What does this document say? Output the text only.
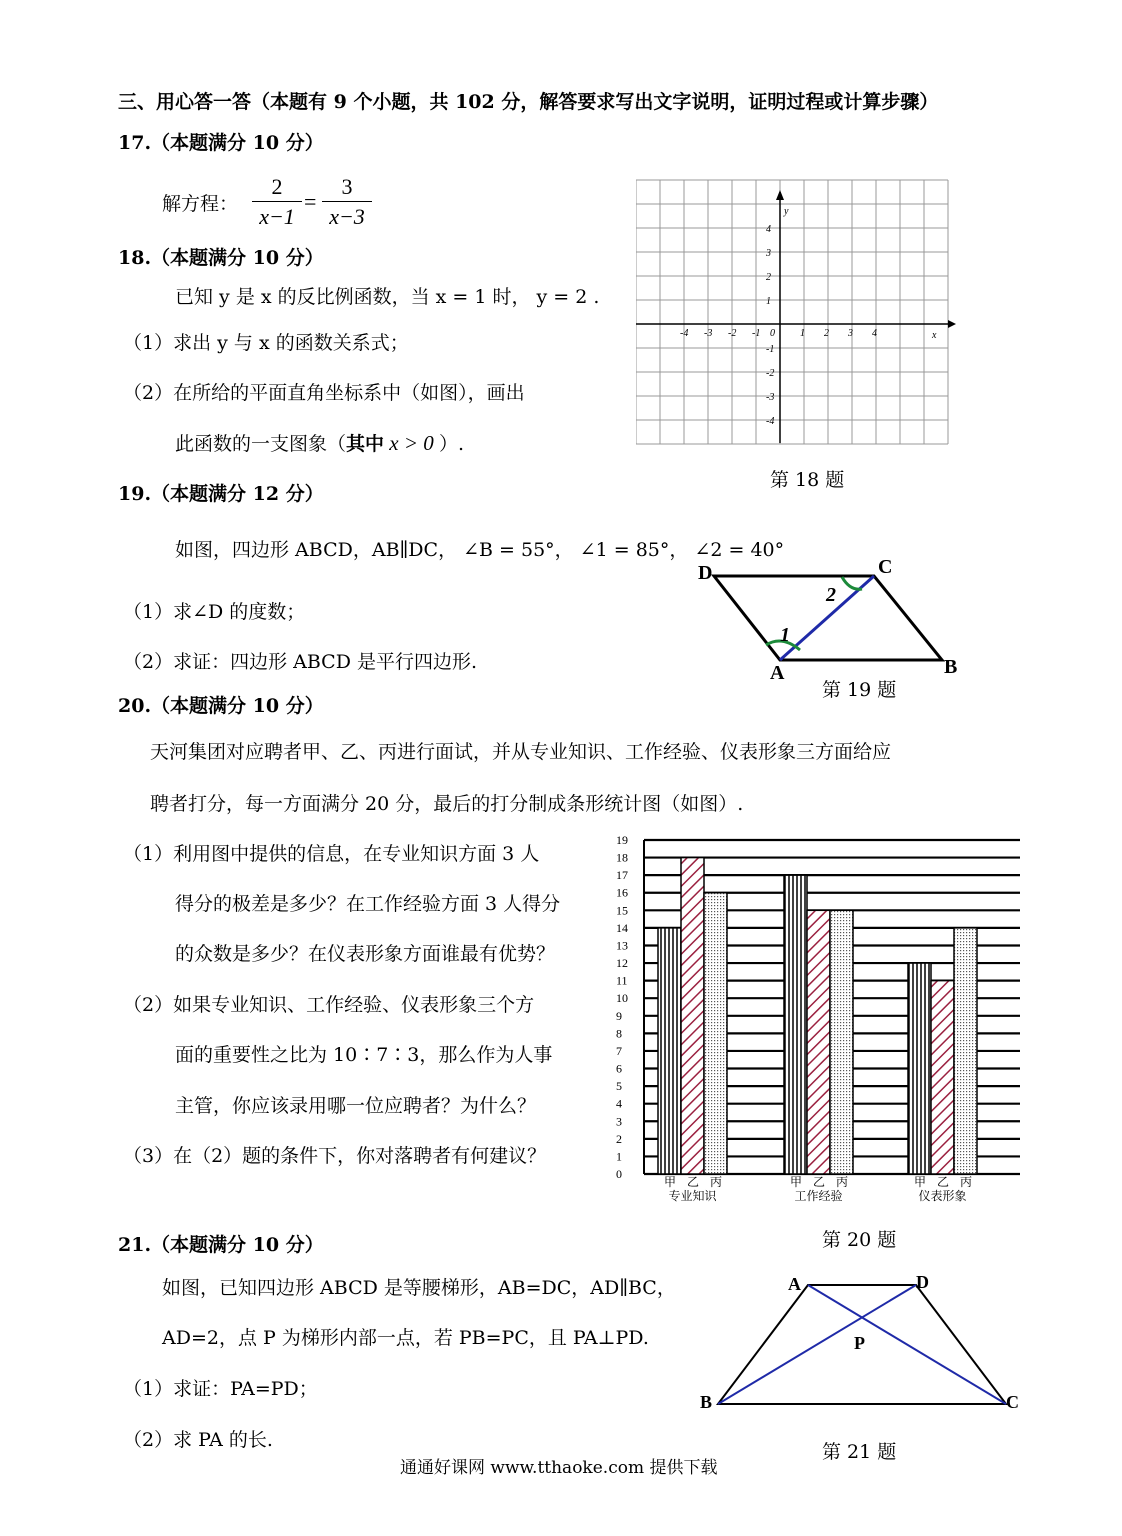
三、用心答一答（本题有 9 个小题，共 102 分，解答要求写出文字说明，证明过程或计算步骤）
17.（本题满分 10 分）
解方程： $\frac{2}{x-1} = \frac{3}{x-3}$
18.（本题满分 10 分）
已知 y 是 x 的反比例函数，当 x = 1 时， y = 2 .
（1）求出 y 与 x 的函数关系式；
（2）在所给的平面直角坐标系中（如图），画出
此函数的一支图象（其中 x > 0 ）.
x
y
0
-4 -3 -2 -1	1 2 3 4
4
3
2
1
-1
-2
-3
-4
第 18 题
19.（本题满分 12 分）
如图，四边形 ABCD，AB∥DC， ∠B = 55°， ∠1 = 85°， ∠2 = 40°
（1）求∠D 的度数；
（2）求证：四边形 ABCD 是平行四边形.
D	C
A	B
1
2
第 19 题
20.（本题满分 10 分）
天河集团对应聘者甲、乙、丙进行面试，并从专业知识、工作经验、仪表形象三方面给应
聘者打分，每一方面满分 20 分，最后的打分制成条形统计图（如图）.
（1）利用图中提供的信息，在专业知识方面 3 人
得分的极差是多少？在工作经验方面 3 人得分
的众数是多少？在仪表形象方面谁最有优势？
（2）如果专业知识、工作经验、仪表形象三个方
面的重要性之比为 10∶7∶3，那么作为人事
主管，你应该录用哪一位应聘者？为什么？
（3）在（2）题的条件下，你对落聘者有何建议？
0
1
2
3
4
5
6
7
8
9
10
11
12
13
14
15
16
17
18
19
甲 乙 丙
专业知识
甲 乙 丙
工作经验
甲 乙 丙
仪表形象
第 20 题
21.（本题满分 10 分）
如图，已知四边形 ABCD 是等腰梯形，AB=DC，AD∥BC，
AD=2，点 P 为梯形内部一点，若 PB=PC，且 PA⊥PD.
（1）求证：PA=PD；
（2）求 PA 的长.
A	D
B	C
P
第 21 题
通通好课网 www.tthaoke.com 提供下载
